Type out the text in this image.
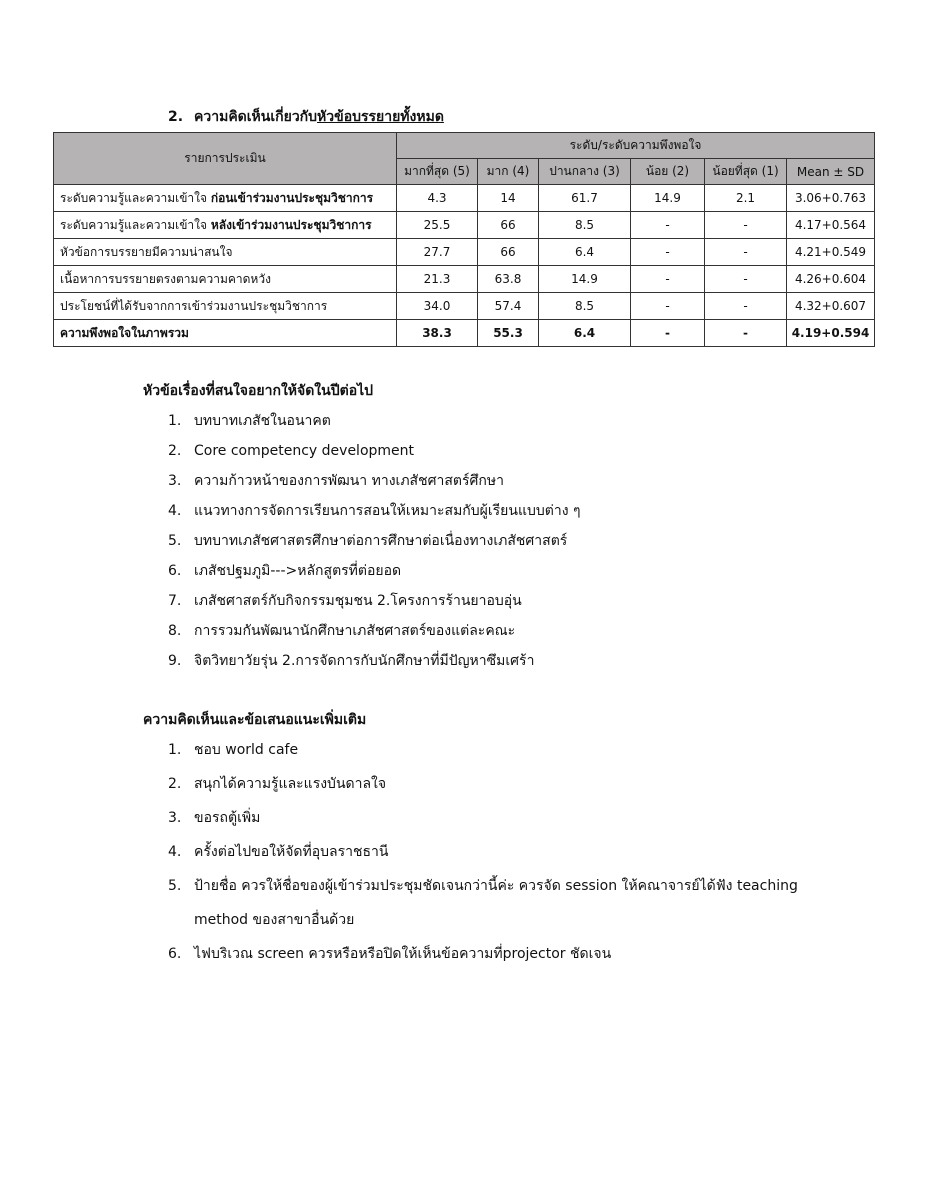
2. ความคิดเห็นเกี่ยวกับหัวข้อบรรยายทั้งหมด
รายการประเมิน	ระดับ/ระดับความพึงพอใจ					
	มากที่สุด (5)	มาก (4)	ปานกลาง (3)	น้อย (2)	น้อยที่สุด (1)	Mean ± SD
ระดับความรู้และความเข้าใจ ก่อนเข้าร่วมงานประชุมวิชาการ	4.3	14	61.7	14.9	2.1	3.06+0.763
ระดับความรู้และความเข้าใจ หลังเข้าร่วมงานประชุมวิชาการ	25.5	66	8.5	-	-	4.17+0.564
หัวข้อการบรรยายมีความน่าสนใจ	27.7	66	6.4	-	-	4.21+0.549
เนื้อหาการบรรยายตรงตามความคาดหวัง	21.3	63.8	14.9	-	-	4.26+0.604
ประโยชน์ที่ได้รับจากการเข้าร่วมงานประชุมวิชาการ	34.0	57.4	8.5	-	-	4.32+0.607
ความพึงพอใจในภาพรวม	38.3	55.3	6.4	-	-	4.19+0.594
หัวข้อเรื่องที่สนใจอยากให้จัดในปีต่อไป
1. บทบาทเภสัชในอนาคต
2. Core competency development
3. ความก้าวหน้าของการพัฒนา ทางเภสัชศาสตร์ศึกษา
4. แนวทางการจัดการเรียนการสอนให้เหมาะสมกับผู้เรียนแบบต่าง ๆ
5. บทบาทเภสัชศาสตรศึกษาต่อการศึกษาต่อเนื่องทางเภสัชศาสตร์
6. เภสัชปฐมภูมิ--->หลักสูตรที่ต่อยอด
7. เภสัชศาสตร์กับกิจกรรมชุมชน 2.โครงการร้านยาอบอุ่น
8. การรวมกันพัฒนานักศึกษาเภสัชศาสตร์ของแต่ละคณะ
9. จิตวิทยาวัยรุ่น 2.การจัดการกับนักศึกษาที่มีปัญหาซึมเศร้า
ความคิดเห็นและข้อเสนอแนะเพิ่มเติม
1. ชอบ world cafe
2. สนุกได้ความรู้และแรงบันดาลใจ
3. ขอรถตู้เพิ่ม
4. ครั้งต่อไปขอให้จัดที่อุบลราชธานี
5. ป้ายชื่อ ควรให้ชื่อของผู้เข้าร่วมประชุมชัดเจนกว่านี้ค่ะ ควรจัด session ให้คณาจารย์ได้ฟัง teaching method ของสาขาอื่นด้วย
6. ไฟบริเวณ screen ควรหรือหรือปิดให้เห็นข้อความที่projector ชัดเจน
